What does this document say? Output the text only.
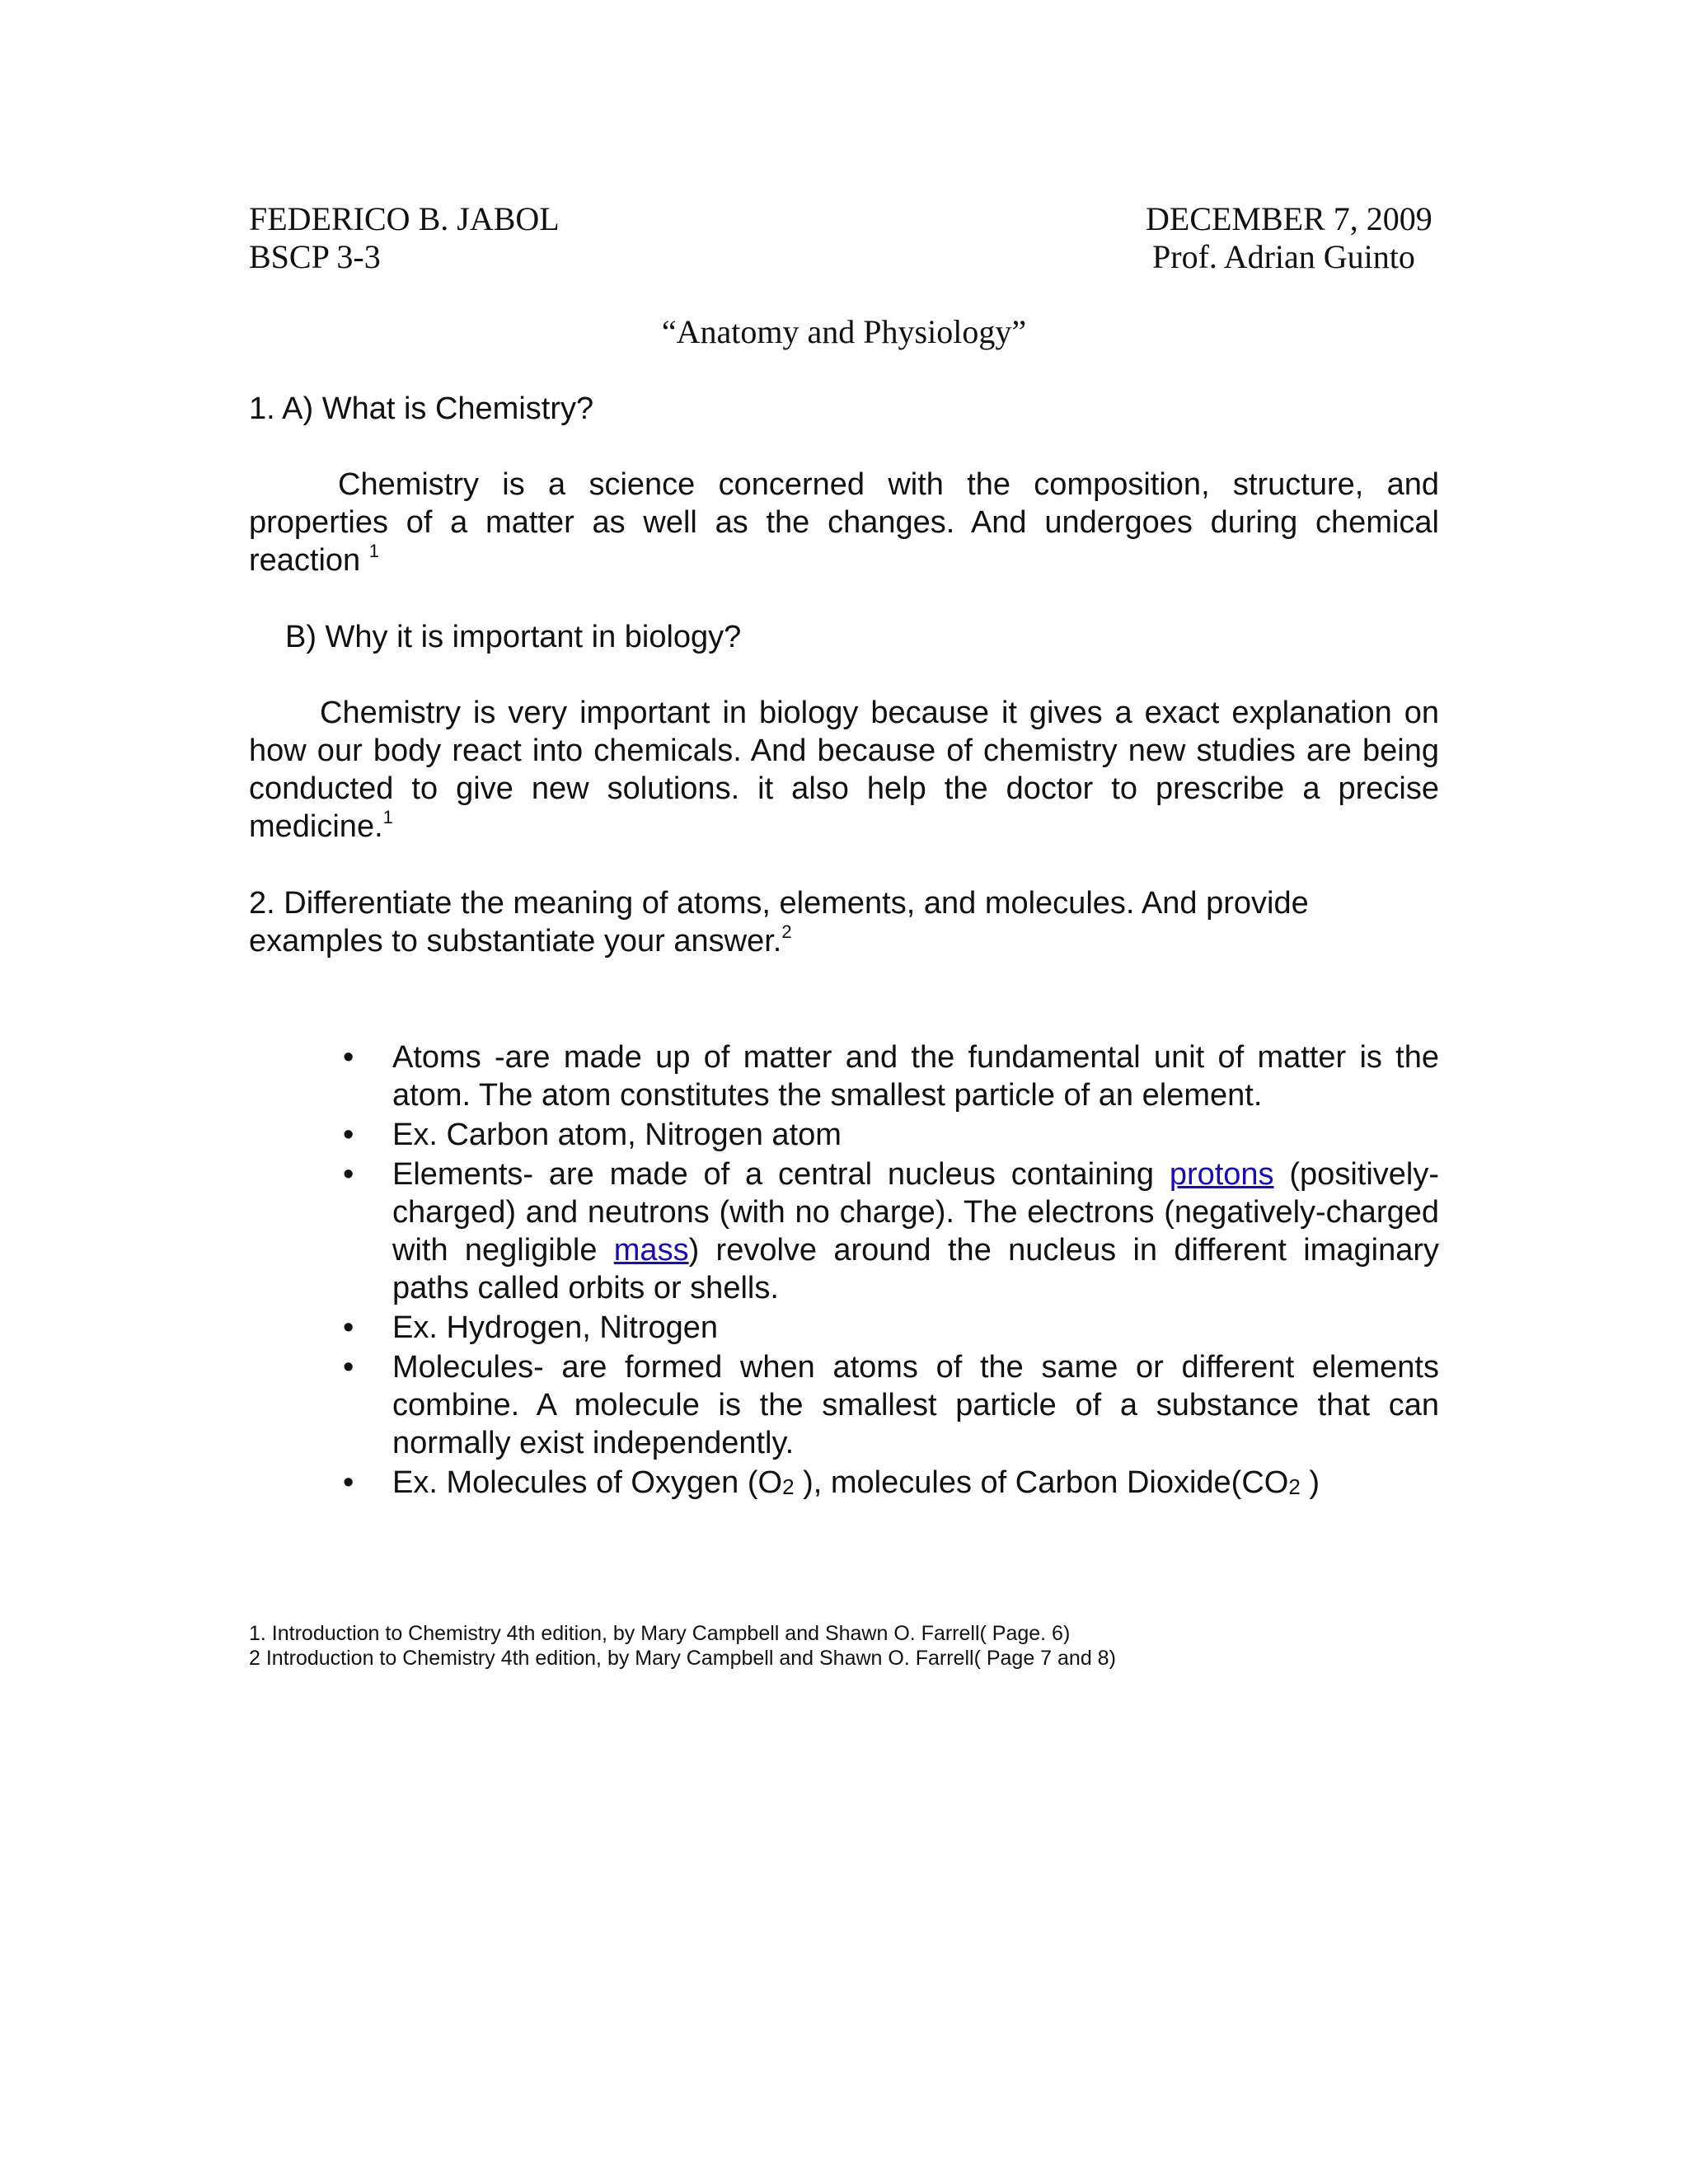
FEDERICO B. JABOL
BSCP 3-3
DECEMBER 7, 2009
Prof. Adrian Guinto
“Anatomy and Physiology”
1. A) What is Chemistry?
Chemistry is a science concerned with the composition, structure, and properties of a matter as well as the changes. And undergoes during chemical reaction $^1$
B) Why it is important in biology?
Chemistry is very important in biology because it gives a exact explanation on how our body react into chemicals. And because of chemistry new studies are being conducted to give new solutions. it also help the doctor to prescribe a precise medicine.$^1$
2. Differentiate the meaning of atoms, elements, and molecules. And provide examples to substantiate your answer.$^2$
• Atoms -are made up of matter and the fundamental unit of matter is the atom. The atom constitutes the smallest particle of an element.
• Ex. Carbon atom, Nitrogen atom
• Elements- are made of a central nucleus containing protons (positively-charged) and neutrons (with no charge). The electrons (negatively-charged with negligible mass) revolve around the nucleus in different imaginary paths called orbits or shells.
• Ex. Hydrogen, Nitrogen
• Molecules- are formed when atoms of the same or different elements combine. A molecule is the smallest particle of a substance that can normally exist independently.
• Ex. Molecules of Oxygen ($O_2$ ), molecules of Carbon $Dioxide(CO_2$ )
1. Introduction to Chemistry 4th edition, by Mary Campbell and Shawn O. Farrell( Page. 6)
2 Introduction to Chemistry 4th edition, by Mary Campbell and Shawn O. Farrell( Page 7 and 8)
